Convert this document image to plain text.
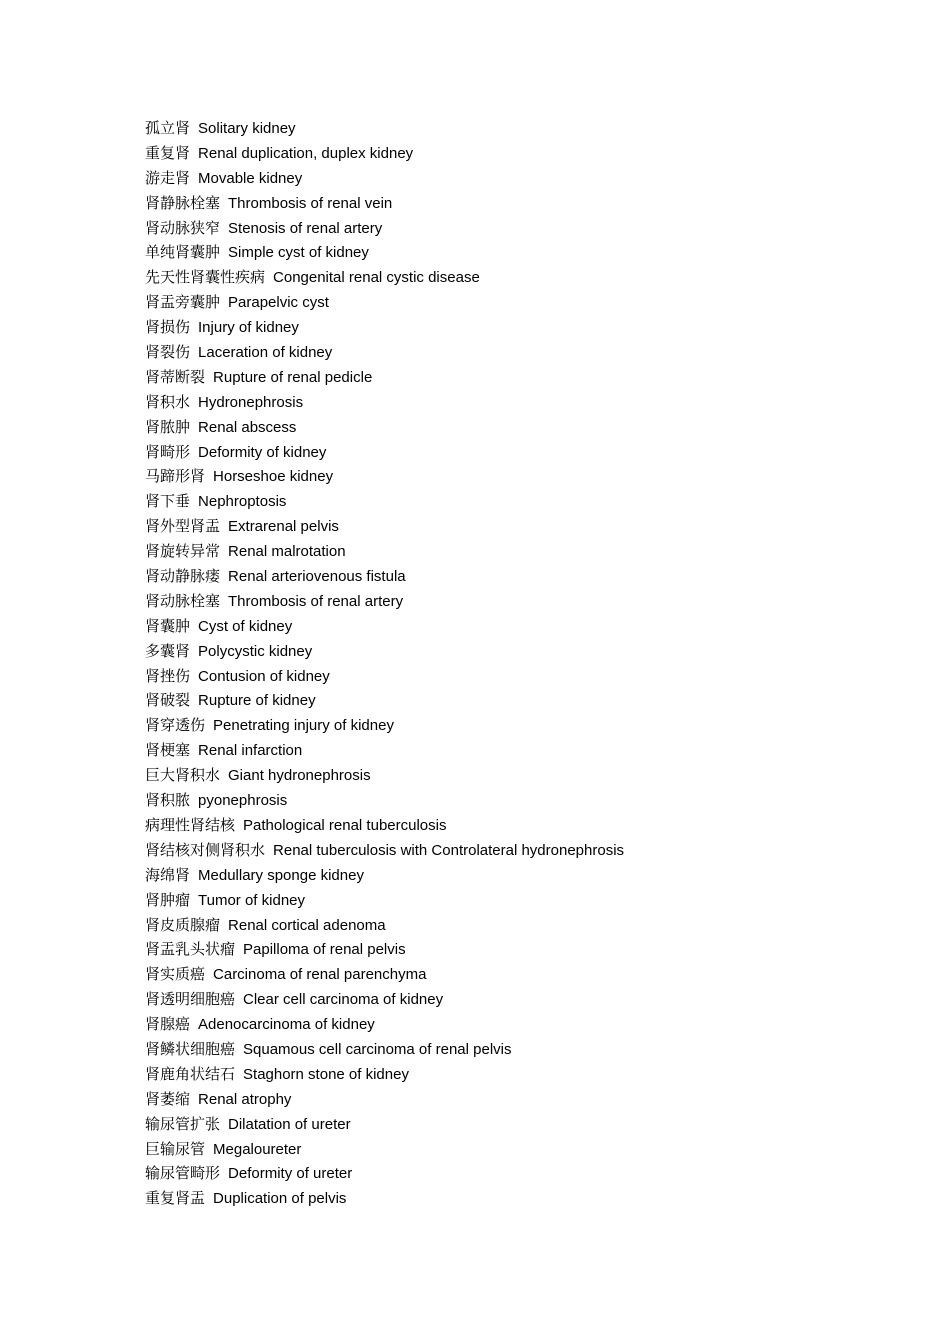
孤立肾 Solitary kidney
重复肾 Renal duplication, duplex kidney
游走肾 Movable kidney
肾静脉栓塞 Thrombosis of renal vein
肾动脉狭窄 Stenosis of renal artery
单纯肾囊肿 Simple cyst of kidney
先天性肾囊性疾病 Congenital renal cystic disease
肾盂旁囊肿 Parapelvic cyst
肾损伤 Injury of kidney
肾裂伤 Laceration of kidney
肾蒂断裂 Rupture of renal pedicle
肾积水 Hydronephrosis
肾脓肿 Renal abscess
肾畸形 Deformity of kidney
马蹄形肾 Horseshoe kidney
肾下垂 Nephroptosis
肾外型肾盂 Extrarenal pelvis
肾旋转异常 Renal malrotation
肾动静脉瘘 Renal arteriovenous fistula
肾动脉栓塞 Thrombosis of renal artery
肾囊肿 Cyst of kidney
多囊肾 Polycystic kidney
肾挫伤 Contusion of kidney
肾破裂 Rupture of kidney
肾穿透伤 Penetrating injury of kidney
肾梗塞 Renal infarction
巨大肾积水 Giant hydronephrosis
肾积脓 pyonephrosis
病理性肾结核 Pathological renal tuberculosis
肾结核对侧肾积水 Renal tuberculosis with Controlateral hydronephrosis
海绵肾 Medullary sponge kidney
肾肿瘤 Tumor of kidney
肾皮质腺瘤 Renal cortical adenoma
肾盂乳头状瘤 Papilloma of renal pelvis
肾实质癌 Carcinoma of renal parenchyma
肾透明细胞癌 Clear cell carcinoma of kidney
肾腺癌 Adenocarcinoma of kidney
肾鳞状细胞癌 Squamous cell carcinoma of renal pelvis
肾鹿角状结石 Staghorn stone of kidney
肾萎缩 Renal atrophy
输尿管扩张 Dilatation of ureter
巨输尿管 Megaloureter
输尿管畸形 Deformity of ureter
重复肾盂 Duplication of pelvis
